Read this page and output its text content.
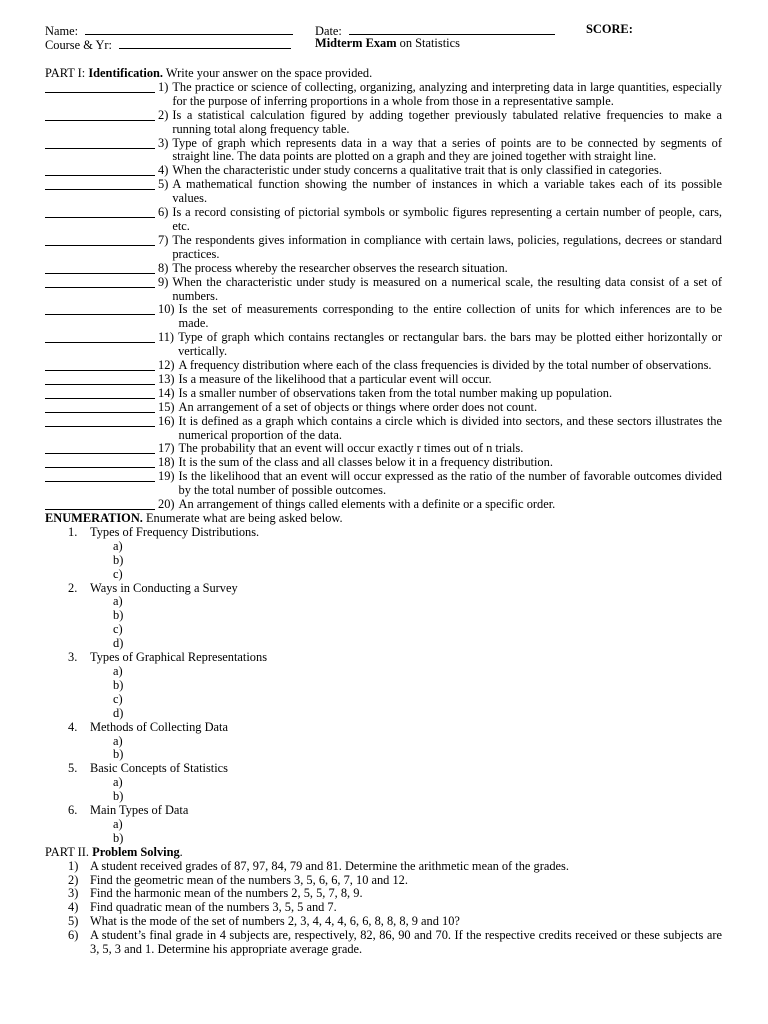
Name:	Date:	SCORE:
Course & Yr:	Midterm Exam on Statistics
PART I: Identification. Write your answer on the space provided.
1) The practice or science of collecting, organizing, analyzing and interpreting data in large quantities, especially for the purpose of inferring proportions in a whole from those in a representative sample.
2) Is a statistical calculation figured by adding together previously tabulated relative frequencies to make a running total along frequency table.
3) Type of graph which represents data in a way that a series of points are to be connected by segments of straight line. The data points are plotted on a graph and they are joined together with straight line.
4) When the characteristic under study concerns a qualitative trait that is only classified in categories.
5) A mathematical function showing the number of instances in which a variable takes each of its possible values.
6) Is a record consisting of pictorial symbols or symbolic figures representing a certain number of people, cars, etc.
7) The respondents gives information in compliance with certain laws, policies, regulations, decrees or standard practices.
8) The process whereby the researcher observes the research situation.
9) When the characteristic under study is measured on a numerical scale, the resulting data consist of a set of numbers.
10) Is the set of measurements corresponding to the entire collection of units for which inferences are to be made.
11) Type of graph which contains rectangles or rectangular bars. the bars may be plotted either horizontally or vertically.
12) A frequency distribution where each of the class frequencies is divided by the total number of observations.
13) Is a measure of the likelihood that a particular event will occur.
14) Is a smaller number of observations taken from the total number making up population.
15) An arrangement of a set of objects or things where order does not count.
16) It is defined as a graph which contains a circle which is divided into sectors, and these sectors illustrates the numerical proportion of the data.
17) The probability that an event will occur exactly r times out of n trials.
18) It is the sum of the class and all classes below it in a frequency distribution.
19) Is the likelihood that an event will occur expressed as the ratio of the number of favorable outcomes divided by the total number of possible outcomes.
20) An arrangement of things called elements with a definite or a specific order.
ENUMERATION. Enumerate what are being asked below.
1.	Types of Frequency Distributions.
a)
b)
c)
2.	Ways in Conducting a Survey
a)
b)
c)
d)
3.	Types of Graphical Representations
a)
b)
c)
d)
4.	Methods of Collecting Data
a)
b)
5.	Basic Concepts of Statistics
a)
b)
6.	Main Types of Data
a)
b)
PART II. Problem Solving.
1) A student received grades of 87, 97, 84, 79 and 81. Determine the arithmetic mean of the grades.
2) Find the geometric mean of the numbers 3, 5, 6, 6, 7, 10 and 12.
3) Find the harmonic mean of the numbers 2, 5, 5, 7, 8, 9.
4) Find quadratic mean of the numbers 3, 5, 5 and 7.
5) What is the mode of the set of numbers 2, 3, 4, 4, 4, 6, 6, 8, 8, 8, 9 and 10?
6) A student’s final grade in 4 subjects are, respectively, 82, 86, 90 and 70. If the respective credits received or these subjects are 3, 5, 3 and 1. Determine his appropriate average grade.
